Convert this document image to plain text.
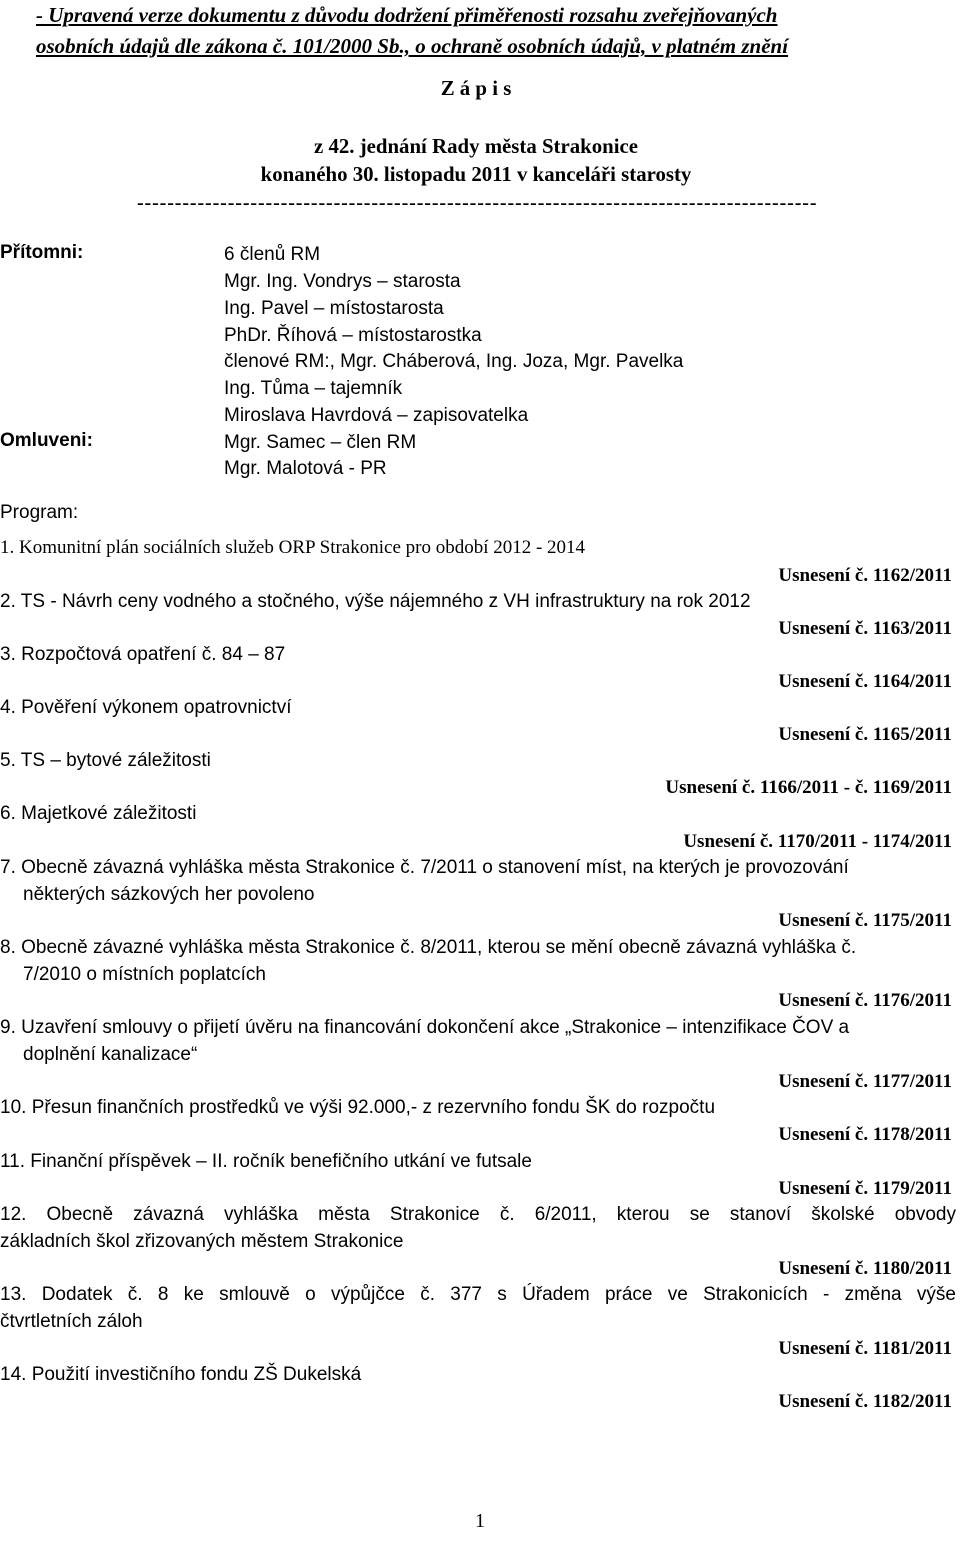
- Upravená verze dokumentu z důvodu dodržení přiměřenosti rozsahu zveřejňovaných
osobních údajů dle zákona č. 101/2000 Sb., o ochraně osobních údajů, v platném znění
Z á p i s
z 42. jednání Rady města Strakonice
konaného 30. listopadu 2011 v kanceláři starosty
------------------------------------------------------------------------------------------
Přítomni:	6 členů RM
Mgr. Ing. Vondrys – starosta
Ing. Pavel – místostarosta
PhDr. Říhová – místostarostka
členové RM:, Mgr. Cháberová, Ing. Joza, Mgr. Pavelka
Ing. Tůma – tajemník
Miroslava Havrdová – zapisovatelka
Omluveni:	Mgr. Samec – člen RM
Mgr. Malotová - PR
Program:
1. Komunitní plán sociálních služeb ORP Strakonice pro období 2012 - 2014
Usnesení č. 1162/2011
2. TS - Návrh ceny vodného a stočného, výše nájemného z VH infrastruktury na rok 2012
Usnesení č. 1163/2011
3. Rozpočtová opatření č. 84 – 87
Usnesení č. 1164/2011
4. Pověření výkonem opatrovnictví
Usnesení č. 1165/2011
5. TS – bytové záležitosti
Usnesení č. 1166/2011 - č. 1169/2011
6. Majetkové záležitosti
Usnesení č. 1170/2011 - 1174/2011
7. Obecně závazná vyhláška města Strakonice č. 7/2011 o stanovení míst, na kterých je provozování
některých sázkových her povoleno
Usnesení č. 1175/2011
8. Obecně závazné vyhláška města Strakonice č. 8/2011, kterou se mění obecně závazná vyhláška č.
7/2010 o místních poplatcích
Usnesení č. 1176/2011
9. Uzavření smlouvy o přijetí úvěru na financování dokončení akce „Strakonice – intenzifikace ČOV a
doplnění kanalizace“
Usnesení č. 1177/2011
10. Přesun finančních prostředků ve výši 92.000,- z rezervního fondu ŠK do rozpočtu
Usnesení č. 1178/2011
11. Finanční příspěvek – II. ročník benefičního utkání ve futsale
Usnesení č. 1179/2011
12. Obecně závazná vyhláška města Strakonice č. 6/2011, kterou se stanoví školské obvody
základních škol zřizovaných městem Strakonice
Usnesení č. 1180/2011
13. Dodatek č. 8 ke smlouvě o výpůjčce č. 377 s Úřadem práce ve Strakonicích - změna výše
čtvrtletních záloh
Usnesení č. 1181/2011
14. Použití investičního fondu ZŠ Dukelská
Usnesení č. 1182/2011
1
